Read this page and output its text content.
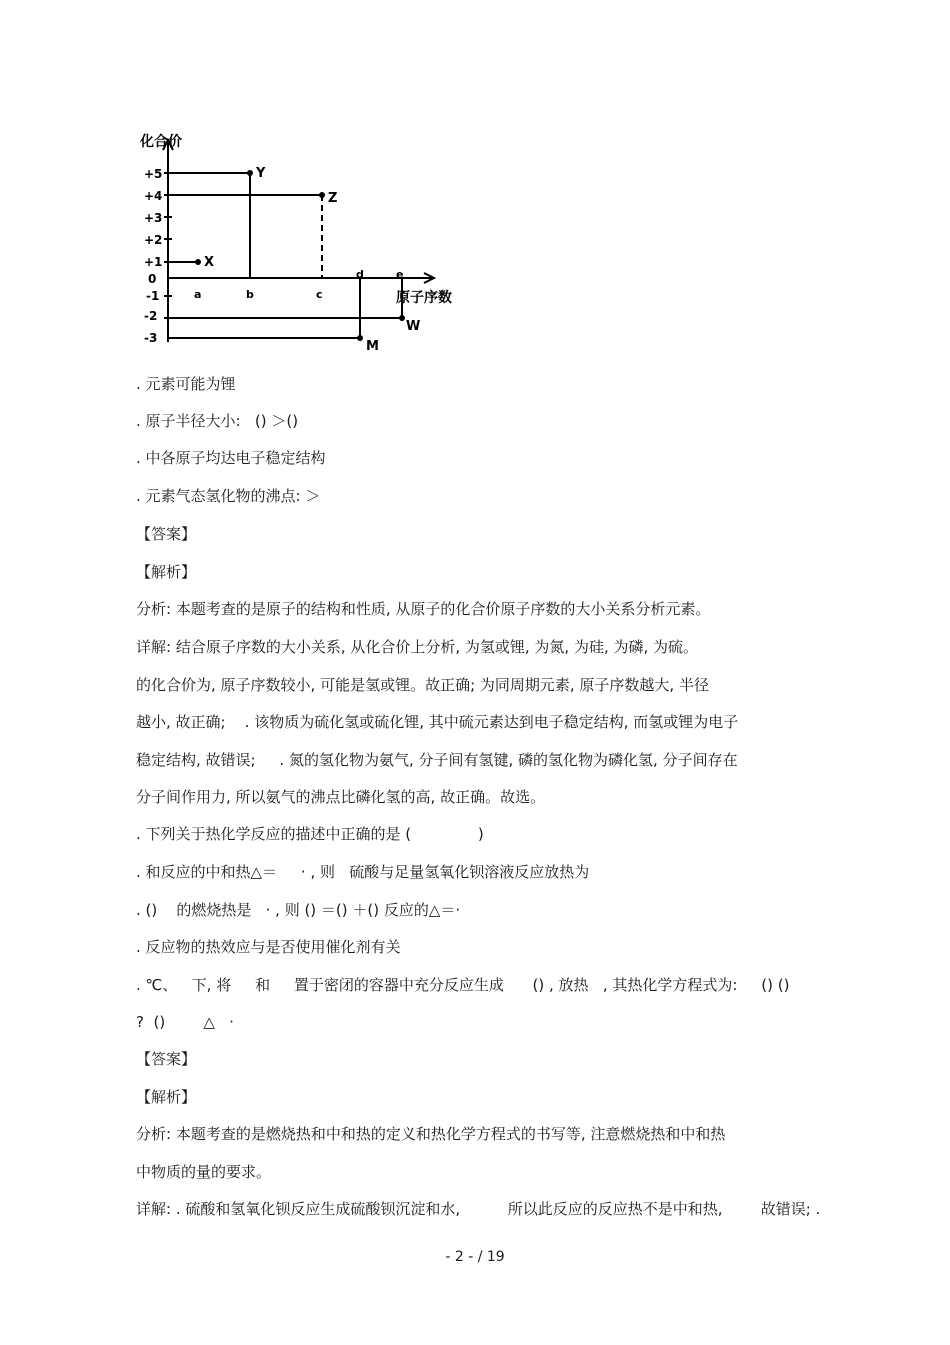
化合价
原子序数
+5
+4
+3
+2
+1
0
-1
-2
-3
a	b	c
d	e
X
Y
Z
W
M
. 元素可能为锂
. 原子半径大小:   () ＞()
. 中各原子均达电子稳定结构
. 元素气态氢化物的沸点: ＞
【答案】
【解析】
分析: 本题考查的是原子的结构和性质, 从原子的化合价原子序数的大小关系分析元素。
详解: 结合原子序数的大小关系, 从化合价上分析, 为氢或锂, 为氮, 为硅, 为磷, 为硫。
的化合价为, 原子序数较小, 可能是氢或锂。故正确; 为同周期元素, 原子序数越大, 半径
越小, 故正确;    . 该物质为硫化氢或硫化锂, 其中硫元素达到电子稳定结构, 而氢或锂为电子
稳定结构, 故错误;     . 氮的氢化物为氨气, 分子间有氢键, 磷的氢化物为磷化氢, 分子间存在
分子间作用力, 所以氨气的沸点比磷化氢的高, 故正确。故选。
. 下列关于热化学反应的描述中正确的是 (              )
. 和反应的中和热△＝     · , 则   硫酸与足量氢氧化钡溶液反应放热为
. ()    的燃烧热是   · , 则 () ＝() ＋() 反应的△＝·
. 反应物的热效应与是否使用催化剂有关
. ℃、   下, 将     和     置于密闭的容器中充分反应生成      () , 放热   , 其热化学方程式为:     () ()
?  ()        △   ·
【答案】
【解析】
分析: 本题考查的是燃烧热和中和热的定义和热化学方程式的书写等, 注意燃烧热和中和热
中物质的量的要求。
详解: . 硫酸和氢氧化钡反应生成硫酸钡沉淀和水,          所以此反应的反应热不是中和热,        故错误; .
- 2 - / 19
